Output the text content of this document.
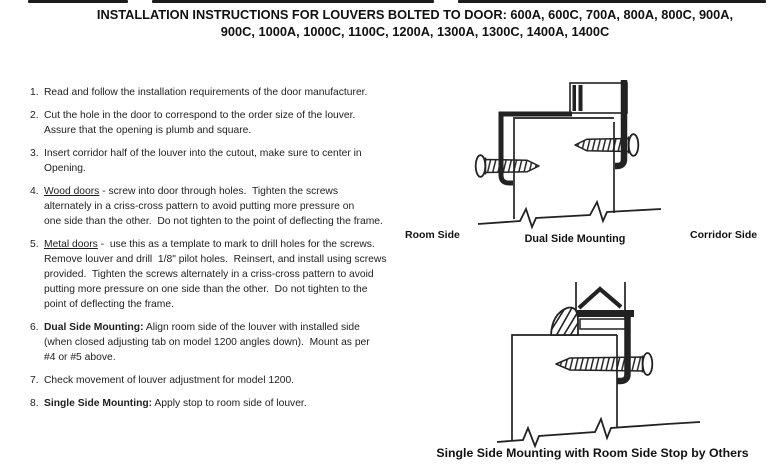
INSTALLATION INSTRUCTIONS FOR LOUVERS BOLTED TO DOOR: 600A, 600C, 700A, 800A, 800C, 900A,
900C, 1000A, 1000C, 1100C, 1200A, 1300A, 1300C, 1400A, 1400C
1. Read and follow the installation requirements of the door manufacturer.
2. Cut the hole in the door to correspond to the order size of the louver.
Assure that the opening is plumb and square.
3. Insert corridor half of the louver into the cutout, make sure to center in
Opening.
4. Wood doors - screw into door through holes.  Tighten the screws
alternately in a criss-cross pattern to avoid putting more pressure on
one side than the other.  Do not tighten to the point of deflecting the frame.
5. Metal doors -  use this as a template to mark to drill holes for the screws.
Remove louver and drill  1/8" pilot holes.  Reinsert, and install using screws
provided.  Tighten the screws alternately in a criss-cross pattern to avoid
putting more pressure on one side than the other.  Do not tighten to the
point of deflecting the frame.
6. Dual Side Mounting: Align room side of the louver with installed side
(when closed adjusting tab on model 1200 angles down).  Mount as per
#4 or #5 above.
7. Check movement of louver adjustment for model 1200.
8. Single Side Mounting: Apply stop to room side of louver.
Room Side	Dual Side Mounting	Corridor Side
Single Side Mounting with Room Side Stop by Others
